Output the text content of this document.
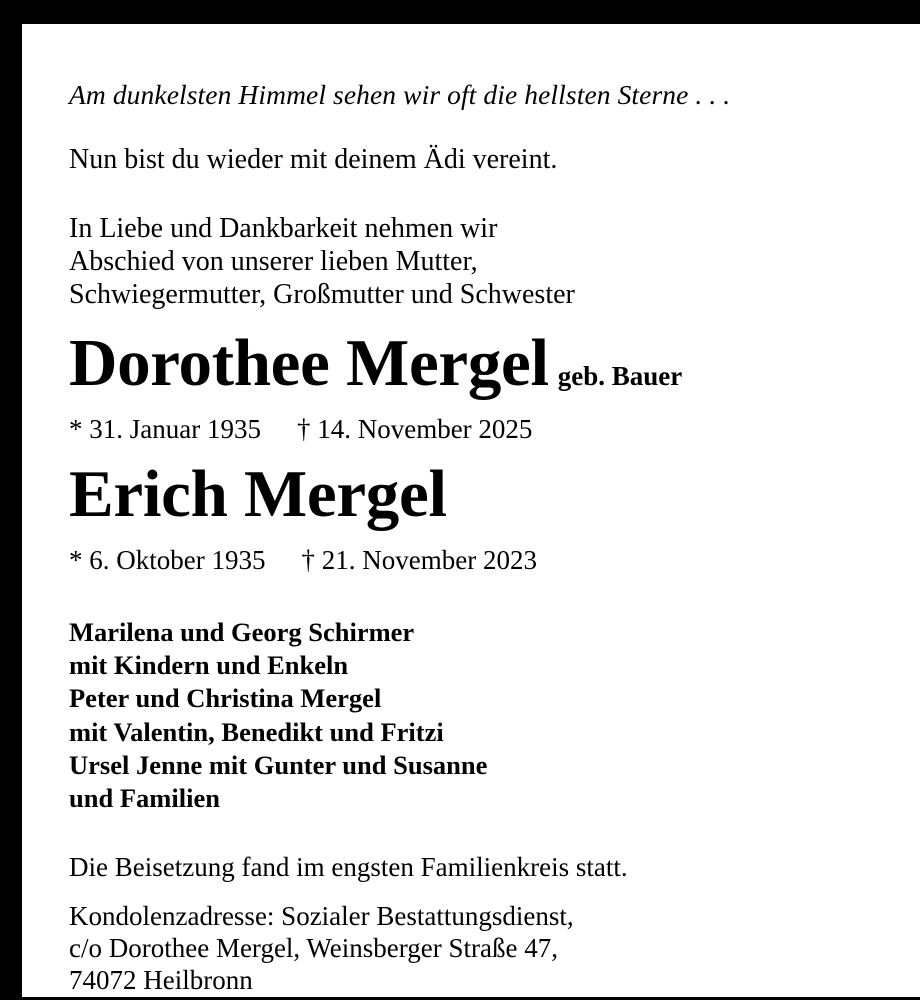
Am dunkelsten Himmel sehen wir oft die hellsten Sterne . . .
Nun bist du wieder mit deinem Ädi vereint.
In Liebe und Dankbarkeit nehmen wir
Abschied von unserer lieben Mutter,
Schwiegermutter, Großmutter und Schwester
Dorothee Mergel geb. Bauer
* 31. Januar 1935 † 14. November 2025
Erich Mergel
* 6. Oktober 1935 † 21. November 2023
Marilena und Georg Schirmer
mit Kindern und Enkeln
Peter und Christina Mergel
mit Valentin, Benedikt und Fritzi
Ursel Jenne mit Gunter und Susanne
und Familien
Die Beisetzung fand im engsten Familienkreis statt.
Kondolenzadresse: Sozialer Bestattungsdienst,
c/o Dorothee Mergel, Weinsberger Straße 47,
74072 Heilbronn
